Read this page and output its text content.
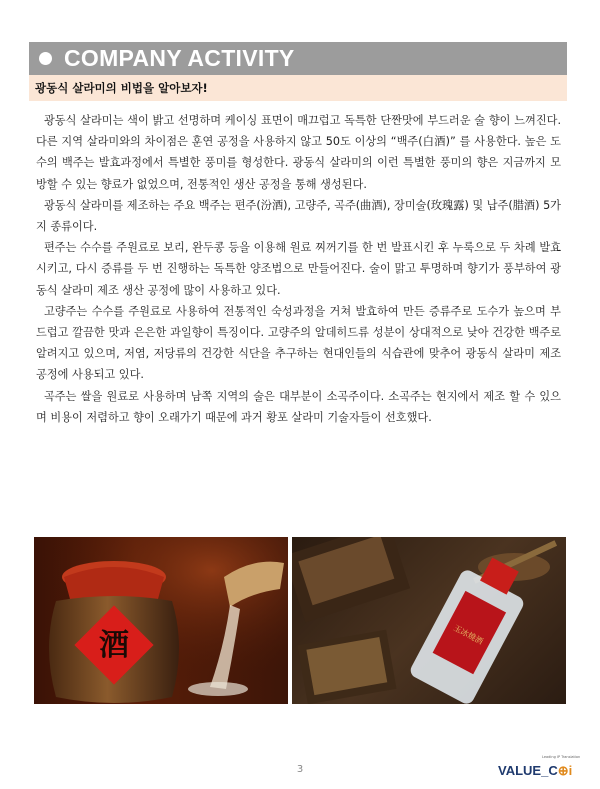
COMPANY ACTIVITY
광동식 살라미의 비법을 알아보자!

광동식 살라미는 색이 밝고 선명하며 케이싱 표면이 매끄럽고 독특한 단짠맛에 부드러운 술 향이 느껴진다. 다른 지역 살라미와의 차이점은 훈연 공정을 사용하지 않고 50도 이상의 “백주(白酒)” 를 사용한다. 높은 도수의 백주는 발효과정에서 특별한 풍미를 형성한다. 광동식 살라미의 이런 특별한 풍미의 향은 지금까지 모방할 수 있는 향료가 없었으며, 전통적인 생산 공정을 통해 생성된다.

광동식 살라미를 제조하는 주요 백주는 편주(汾酒), 고량주, 곡주(曲酒), 장미술(玫瑰露) 및 납주(腊酒) 5가지 종류이다.

편주는 수수를 주원료로 보리, 완두콩 등을 이용해 원료 찌꺼기를 한 번 발표시킨 후 누룩으로 두 차례 발효시키고, 다시 증류를 두 번 진행하는 독특한 양조법으로 만들어진다. 술이 맑고 투명하며 향기가 풍부하여 광동식 살라미 제조 생산 공정에 많이 사용하고 있다.

고량주는 수수를 주원료로 사용하여 전통적인 숙성과정을 거쳐 발효하여 만든 증류주로 도수가 높으며 부드럽고 깔끔한 맛과 은은한 과일향이 특징이다. 고량주의 알데히드류 성분이 상대적으로 낮아 건강한 백주로 알려지고 있으며, 저염, 저당류의 건강한 식단을 추구하는 현대인들의 식습관에 맞추어 광동식 살라미 제조 공정에 사용되고 있다.

곡주는 쌀을 원료로 사용하며 남쪽 지역의 술은 대부분이 소곡주이다. 소곡주는 현지에서 제조 할 수 있으며 비용이 저렴하고 향이 오래가기 때문에 과거 황포 살라미 기술자들이 선호했다.

酒	玉冰燒酒
3
Leading IP Translation
VALUE_C⊕i
